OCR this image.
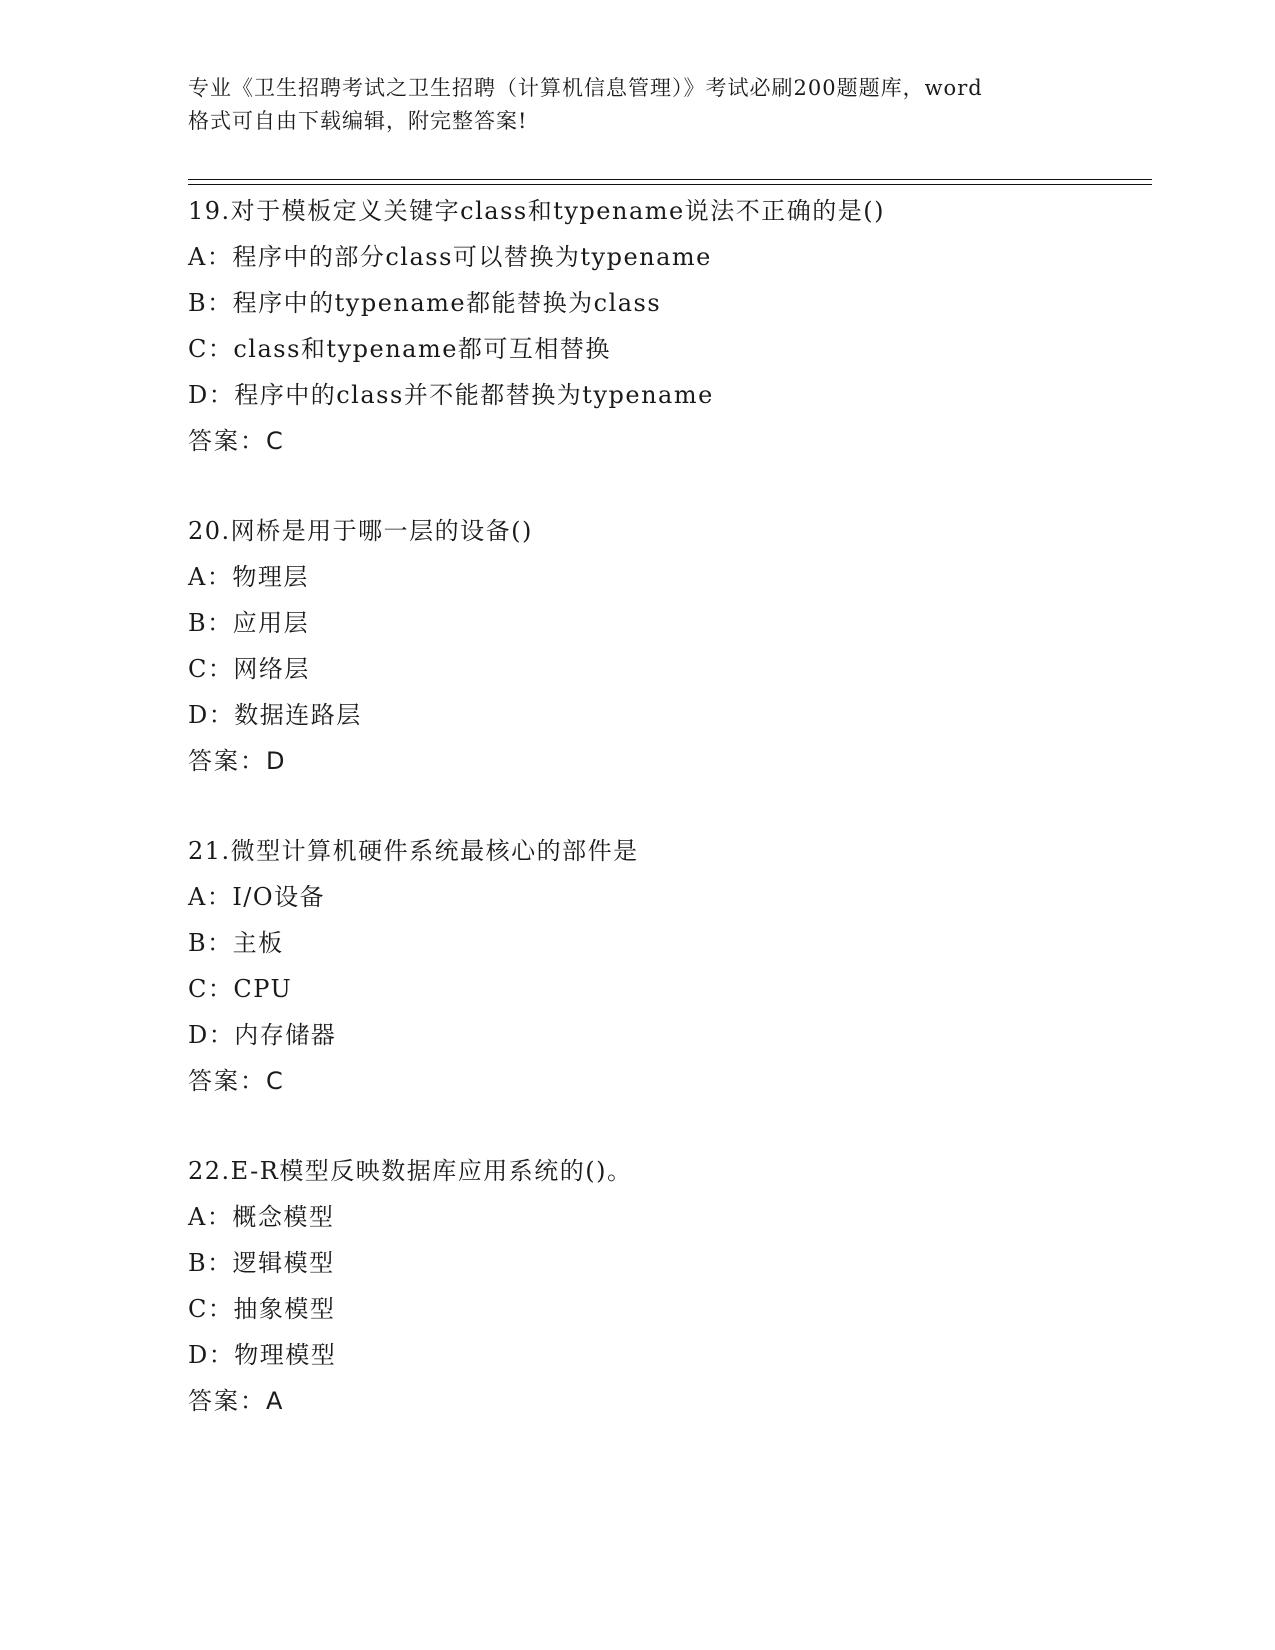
专业《卫生招聘考试之卫生招聘（计算机信息管理）》考试必刷200题题库，word
格式可自由下载编辑，附完整答案!
19.对于模板定义关键字class和typename说法不正确的是()
A：程序中的部分class可以替换为typename
B：程序中的typename都能替换为class
C：class和typename都可互相替换
D：程序中的class并不能都替换为typename
答案：C
20.网桥是用于哪一层的设备()
A：物理层
B：应用层
C：网络层
D：数据连路层
答案：D
21.微型计算机硬件系统最核心的部件是
A：I/O设备
B：主板
C：CPU
D：内存储器
答案：C
22.E-R模型反映数据库应用系统的()。
A：概念模型
B：逻辑模型
C：抽象模型
D：物理模型
答案：A
